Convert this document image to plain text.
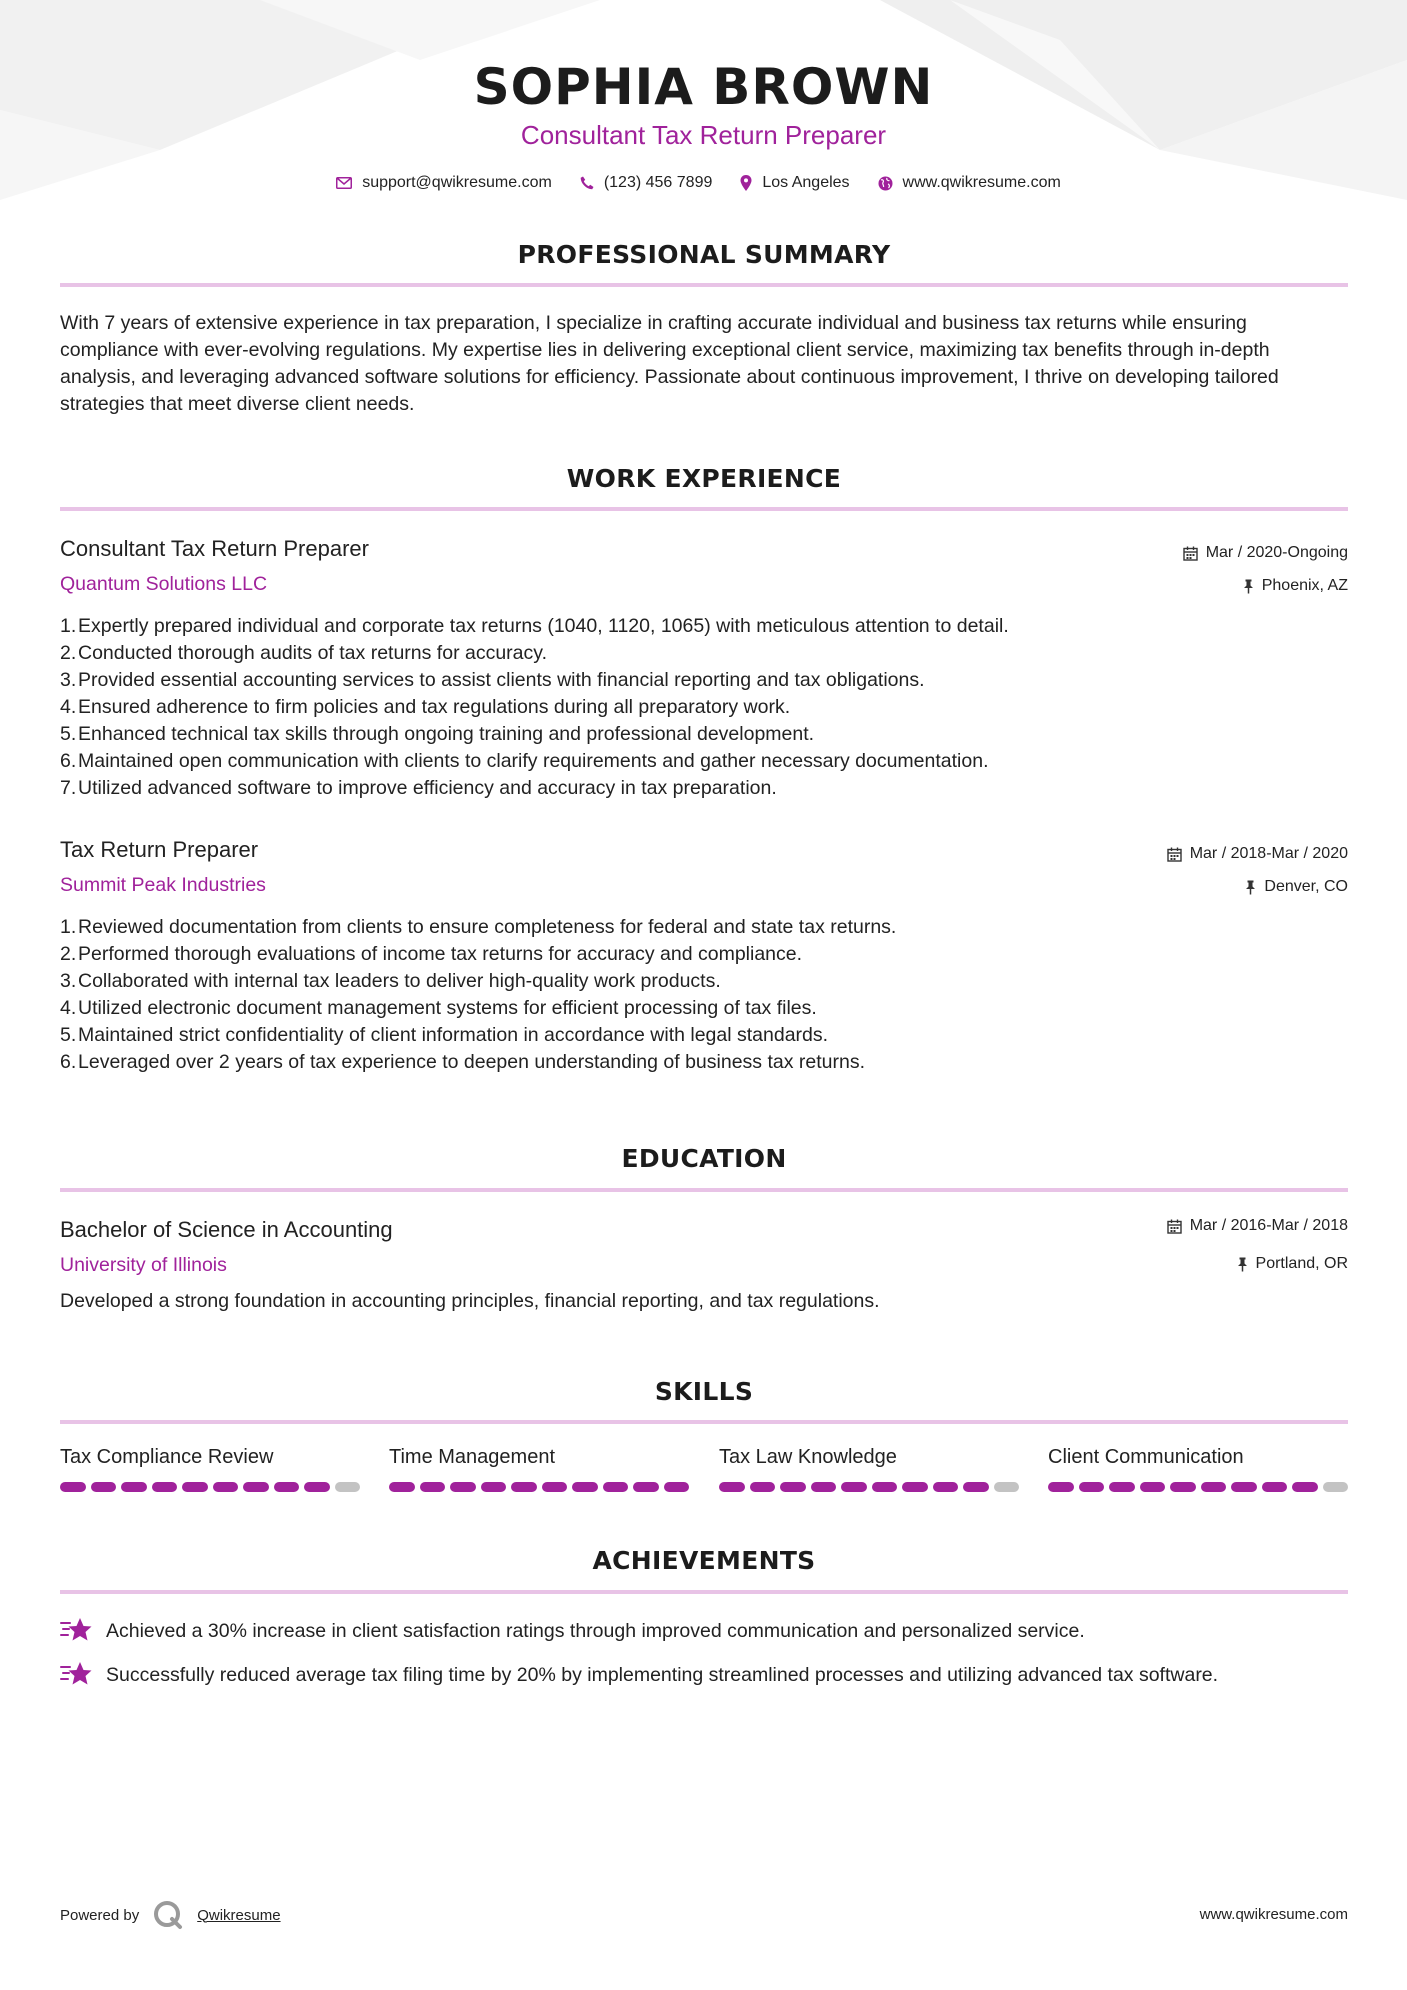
SOPHIA BROWN
Consultant Tax Return Preparer
support@qwikresume.com	(123) 456 7899	Los Angeles	www.qwikresume.com
PROFESSIONAL SUMMARY
With 7 years of extensive experience in tax preparation, I specialize in crafting accurate individual and business tax returns while ensuring compliance with ever-evolving regulations. My expertise lies in delivering exceptional client service, maximizing tax benefits through in-depth analysis, and leveraging advanced software solutions for efficiency. Passionate about continuous improvement, I thrive on developing tailored strategies that meet diverse client needs.
WORK EXPERIENCE
Consultant Tax Return Preparer
Quantum Solutions LLC
Mar / 2020-Ongoing
Phoenix, AZ
1. Expertly prepared individual and corporate tax returns (1040, 1120, 1065) with meticulous attention to detail.
2. Conducted thorough audits of tax returns for accuracy.
3. Provided essential accounting services to assist clients with financial reporting and tax obligations.
4. Ensured adherence to firm policies and tax regulations during all preparatory work.
5. Enhanced technical tax skills through ongoing training and professional development.
6. Maintained open communication with clients to clarify requirements and gather necessary documentation.
7. Utilized advanced software to improve efficiency and accuracy in tax preparation.
Tax Return Preparer
Summit Peak Industries
Mar / 2018-Mar / 2020
Denver, CO
1. Reviewed documentation from clients to ensure completeness for federal and state tax returns.
2. Performed thorough evaluations of income tax returns for accuracy and compliance.
3. Collaborated with internal tax leaders to deliver high-quality work products.
4. Utilized electronic document management systems for efficient processing of tax files.
5. Maintained strict confidentiality of client information in accordance with legal standards.
6. Leveraged over 2 years of tax experience to deepen understanding of business tax returns.
EDUCATION
Bachelor of Science in Accounting
University of Illinois
Mar / 2016-Mar / 2018
Portland, OR
Developed a strong foundation in accounting principles, financial reporting, and tax regulations.
SKILLS
Tax Compliance Review	Time Management	Tax Law Knowledge	Client Communication
ACHIEVEMENTS
Achieved a 30% increase in client satisfaction ratings through improved communication and personalized service.
Successfully reduced average tax filing time by 20% by implementing streamlined processes and utilizing advanced tax software.
Powered by	Qwikresume	www.qwikresume.com
